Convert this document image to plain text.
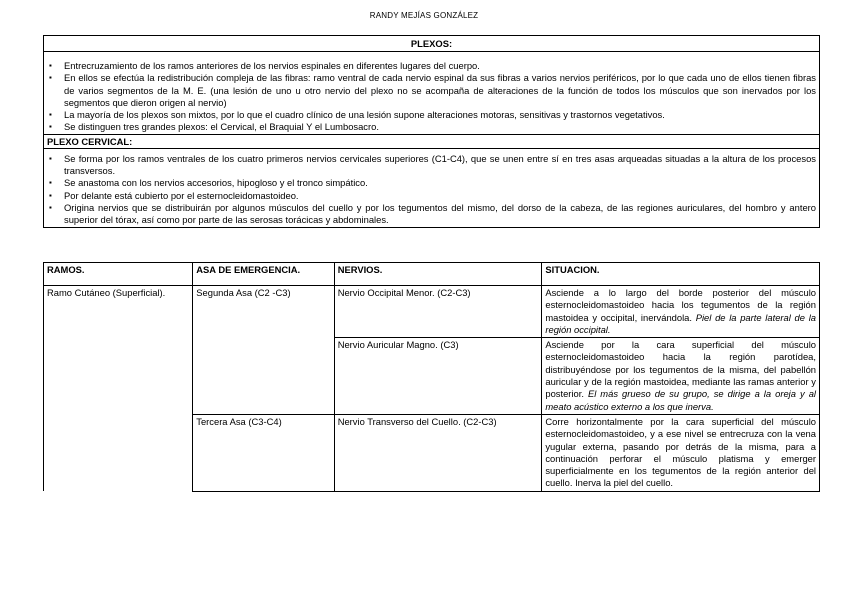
RANDY MEJÍAS GONZÁLEZ
PLEXOS:
▪ Entrecruzamiento de los ramos anteriores de los nervios espinales en diferentes lugares del cuerpo.
▪ En ellos se efectúa la redistribución compleja de las fibras: ramo ventral de cada nervio espinal da sus fibras a varios nervios periféricos, por lo que cada uno de ellos tienen fibras de varios segmentos de la M. E. (una lesión de uno u otro nervio del plexo no se acompaña de alteraciones de la función de todos los músculos que son inervados por los segmentos que dieron origen al nervio)
▪ La mayoría de los plexos son mixtos, por lo que el cuadro clínico de una lesión supone alteraciones motoras, sensitivas y trastornos vegetativos.
▪ Se distinguen tres grandes plexos: el Cervical, el Braquial Y el Lumbosacro.
PLEXO CERVICAL:
▪ Se forma por los ramos ventrales de los cuatro primeros nervios cervicales superiores (C1-C4), que se unen entre sí en tres asas arqueadas situadas a la altura de los procesos transversos.
▪ Se anastoma con los nervios accesorios, hipogloso y el tronco simpático.
▪ Por delante está cubierto por el esternocleidomastoideo.
▪ Origina nervios que se distribuirán por algunos músculos del cuello y por los tegumentos del mismo, del dorso de la cabeza, de las regiones auriculares, del hombro y antero superior del tórax, así como por parte de las serosas torácicas y abdominales.
RAMOS.	ASA DE EMERGENCIA.	NERVIOS.	SITUACION.
Ramo Cutáneo (Superficial).	Segunda Asa (C2 -C3)	Nervio Occipital Menor. (C2-C3)	Asciende a lo largo del borde posterior del músculo esternocleidomastoideo hacia los tegumentos de la región mastoidea y occipital, inervándola. Piel de la parte lateral de la región occipital.
		Nervio Auricular Magno. (C3)	Asciende por la cara superficial del músculo esternocleidomastoideo hacia la región parotídea, distribuyéndose por los tegumentos de la misma, del pabellón auricular y de la región mastoidea, mediante las ramas anterior y posterior. El más grueso de su grupo, se dirige a la oreja y al meato acústico externo a los que inerva.
	Tercera Asa (C3-C4)	Nervio Transverso del Cuello. (C2-C3)	Corre horizontalmente por la cara superficial del músculo esternocleidomastoideo, y a ese nivel se entrecruza con la vena yugular externa, pasando por detrás de la misma, para a continuación perforar el músculo platisma y emerger superficialmente en los tegumentos de la región anterior del cuello. Inerva la piel del cuello.
